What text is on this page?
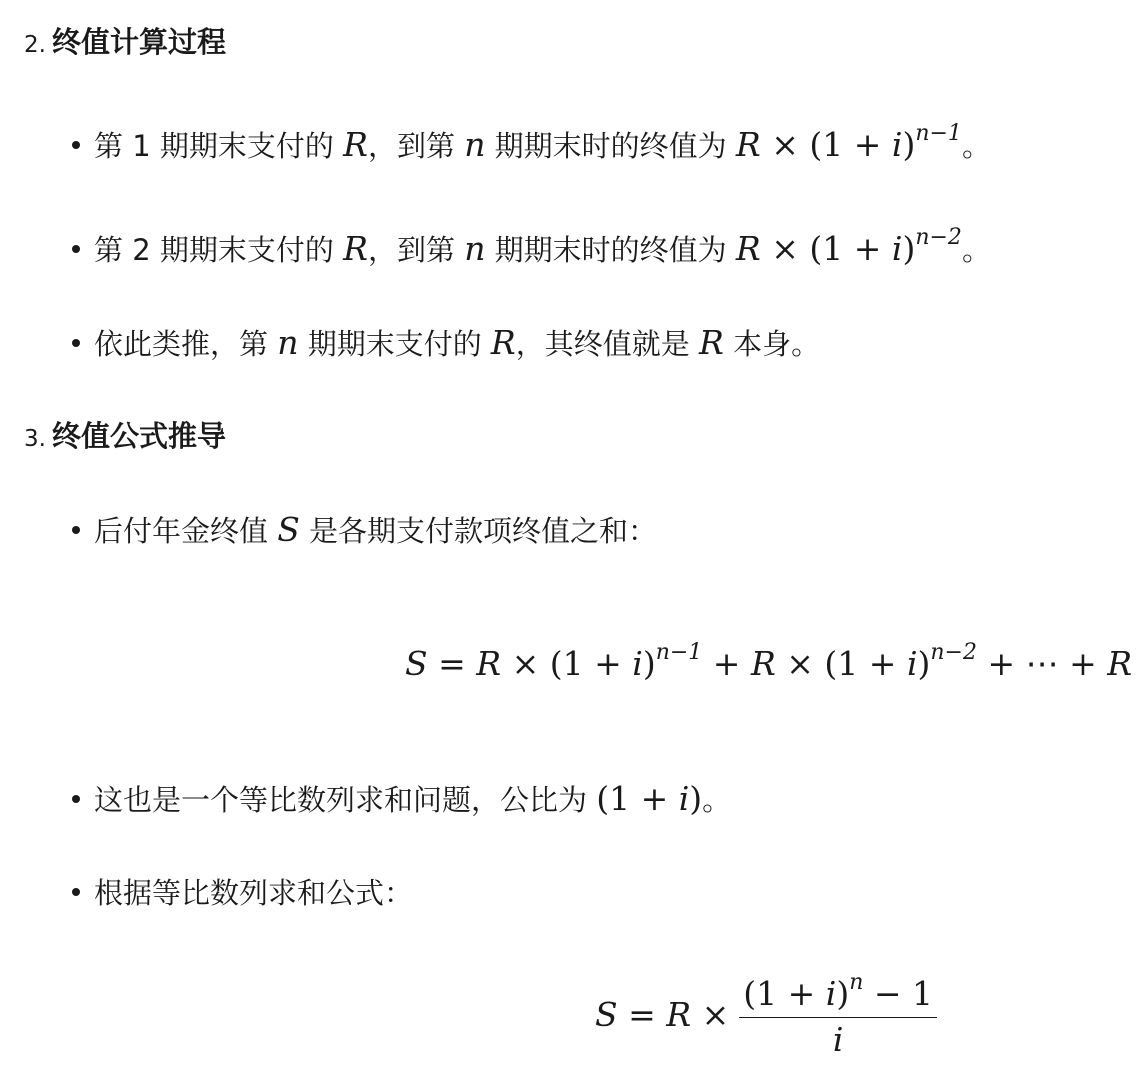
2. 终值计算过程
第 1 期期末支付的 R，到第 n 期期末时的终值为 $R \times (1 + i)^{n-1}$。
第 2 期期末支付的 R，到第 n 期期末时的终值为 $R \times (1 + i)^{n-2}$。
依此类推，第 n 期期末支付的 R，其终值就是 R 本身。
3. 终值公式推导
后付年金终值 S 是各期支付款项终值之和：
$S = R \times (1 + i)^{n-1} + R \times (1 + i)^{n-2}$ + ⋯ + R
这也是一个等比数列求和问题，公比为 (1 + i)。
根据等比数列求和公式：
$S = R \times \frac{(1 + i)^n - 1}{i}$
